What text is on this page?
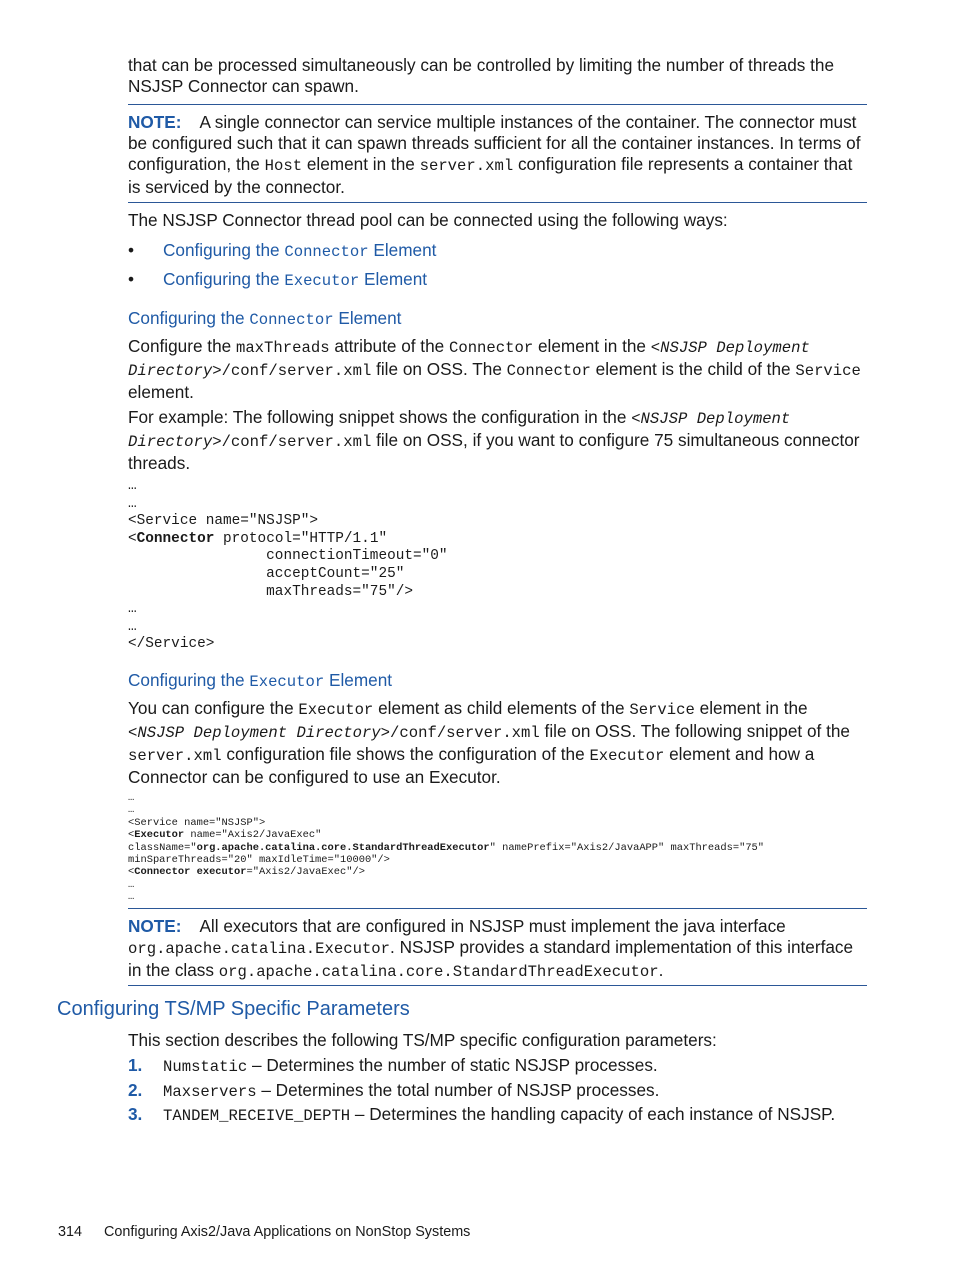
that can be processed simultaneously can be controlled by limiting the number of threads the NSJSP Connector can spawn.

NOTE: A single connector can service multiple instances of the container. The connector must be configured such that it can spawn threads sufficient for all the container instances. In terms of configuration, the Host element in the server.xml configuration file represents a container that is serviced by the connector.

The NSJSP Connector thread pool can be connected using the following ways:

• Configuring the Connector Element
• Configuring the Executor Element
Configuring the Connector Element

Configure the maxThreads attribute of the Connector element in the <NSJSP Deployment Directory>/conf/server.xml file on OSS. The Connector element is the child of the Service element.

For example: The following snippet shows the configuration in the <NSJSP Deployment Directory>/conf/server.xml file on OSS, if you want to configure 75 simultaneous connector threads.

…
…
<Service name="NSJSP">
<Connector protocol="HTTP/1.1"
connectionTimeout="0"
acceptCount="25"
maxThreads="75"/>
…
…
</Service>
Configuring the Executor Element

You can configure the Executor element as child elements of the Service element in the <NSJSP Deployment Directory>/conf/server.xml file on OSS. The following snippet of the server.xml configuration file shows the configuration of the Executor element and how a Connector can be configured to use an Executor.

…
…
<Service name="NSJSP">
<Executor name="Axis2/JavaExec"
className="org.apache.catalina.core.StandardThreadExecutor" namePrefix="Axis2/JavaAPP" maxThreads="75"
minSpareThreads="20" maxIdleTime="10000"/>
<Connector executor="Axis2/JavaExec"/>
…
…

NOTE: All executors that are configured in NSJSP must implement the java interface org.apache.catalina.Executor. NSJSP provides a standard implementation of this interface in the class org.apache.catalina.core.StandardThreadExecutor.

Configuring TS/MP Specific Parameters

This section describes the following TS/MP specific configuration parameters:

1. Numstatic – Determines the number of static NSJSP processes.
2. Maxservers – Determines the total number of NSJSP processes.
3. TANDEM_RECEIVE_DEPTH – Determines the handling capacity of each instance of NSJSP.
314 Configuring Axis2/Java Applications on NonStop Systems
